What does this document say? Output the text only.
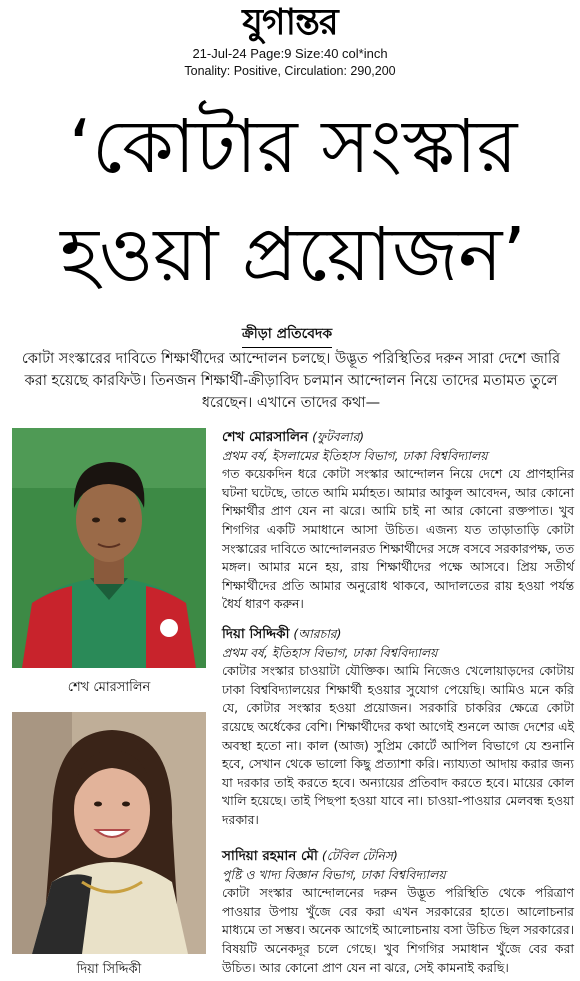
যুগান্তর
21-Jul-24 Page:9 Size:40 col*inch
Tonality: Positive, Circulation: 290,200
‘কোটার সংস্কার
হওয়া প্রয়োজন’
ক্রীড়া প্রতিবেদক
কোটা সংস্কারের দাবিতে শিক্ষার্থীদের আন্দোলন চলছে। উদ্ভূত পরিস্থিতির দরুন সারা দেশে জারি করা হয়েছে কারফিউ। তিনজন শিক্ষার্থী-ক্রীড়াবিদ চলমান আন্দোলন নিয়ে তাদের মতামত তুলে ধরেছেন। এখানে তাদের কথা—
শেখ মোরসালিন
দিয়া সিদ্দিকী
শেখ মোরসালিন (ফুটবলার)
প্রথম বর্ষ, ইসলামের ইতিহাস বিভাগ, ঢাকা বিশ্ববিদ্যালয়
গত কয়েকদিন ধরে কোটা সংস্কার আন্দোলন নিয়ে দেশে যে প্রাণহানির ঘটনা ঘটেছে, তাতে আমি মর্মাহত। আমার আকুল আবেদন, আর কোনো শিক্ষার্থীর প্রাণ যেন না ঝরে। আমি চাই না আর কোনো রক্তপাত। খুব শিগগির একটি সমাধানে আসা উচিত। এজন্য যত তাড়াতাড়ি কোটা সংস্কারের দাবিতে আন্দোলনরত শিক্ষার্থীদের সঙ্গে বসবে সরকারপক্ষ, তত মঙ্গল। আমার মনে হয়, রায় শিক্ষার্থীদের পক্ষে আসবে। প্রিয় সতীর্থ শিক্ষার্থীদের প্রতি আমার অনুরোধ থাকবে, আদালতের রায় হওয়া পর্যন্ত ধৈর্য ধারণ করুন।
দিয়া সিদ্দিকী (আরচার)
প্রথম বর্ষ, ইতিহাস বিভাগ, ঢাকা বিশ্ববিদ্যালয়
কোটার সংস্কার চাওয়াটা যৌক্তিক। আমি নিজেও খেলোয়াড়দের কোটায় ঢাকা বিশ্ববিদ্যালয়ের শিক্ষার্থী হওয়ার সুযোগ পেয়েছি। আমিও মনে করি যে, কোটার সংস্কার হওয়া প্রয়োজন। সরকারি চাকরির ক্ষেত্রে কোটা রয়েছে অর্ধেকের বেশি। শিক্ষার্থীদের কথা আগেই শুনলে আজ দেশের এই অবস্থা হতো না। কাল (আজ) সুপ্রিম কোর্টে আপিল বিভাগে যে শুনানি হবে, সেখান থেকে ভালো কিছু প্রত্যাশা করি। ন্যায্যতা আদায় করার জন্য যা দরকার তাই করতে হবে। অন্যায়ের প্রতিবাদ করতে হবে। মায়ের কোল খালি হয়েছে। তাই পিছপা হওয়া যাবে না। চাওয়া-পাওয়ার মেলবন্ধ হওয়া দরকার।
সাদিয়া রহমান মৌ (টেবিল টেনিস)
পুষ্টি ও খাদ্য বিজ্ঞান বিভাগ, ঢাকা বিশ্ববিদ্যালয়
কোটা সংস্কার আন্দোলনের দরুন উদ্ভূত পরিস্থিতি থেকে পরিত্রাণ পাওয়ার উপায় খুঁজে বের করা এখন সরকারের হাতে। আলোচনার মাধ্যমে তা সম্ভব। অনেক আগেই আলোচনায় বসা উচিত ছিল সরকারের। বিষয়টি অনেকদূর চলে গেছে। খুব শিগগির সমাধান খুঁজে বের করা উচিত। আর কোনো প্রাণ যেন না ঝরে, সেই কামনাই করছি।
